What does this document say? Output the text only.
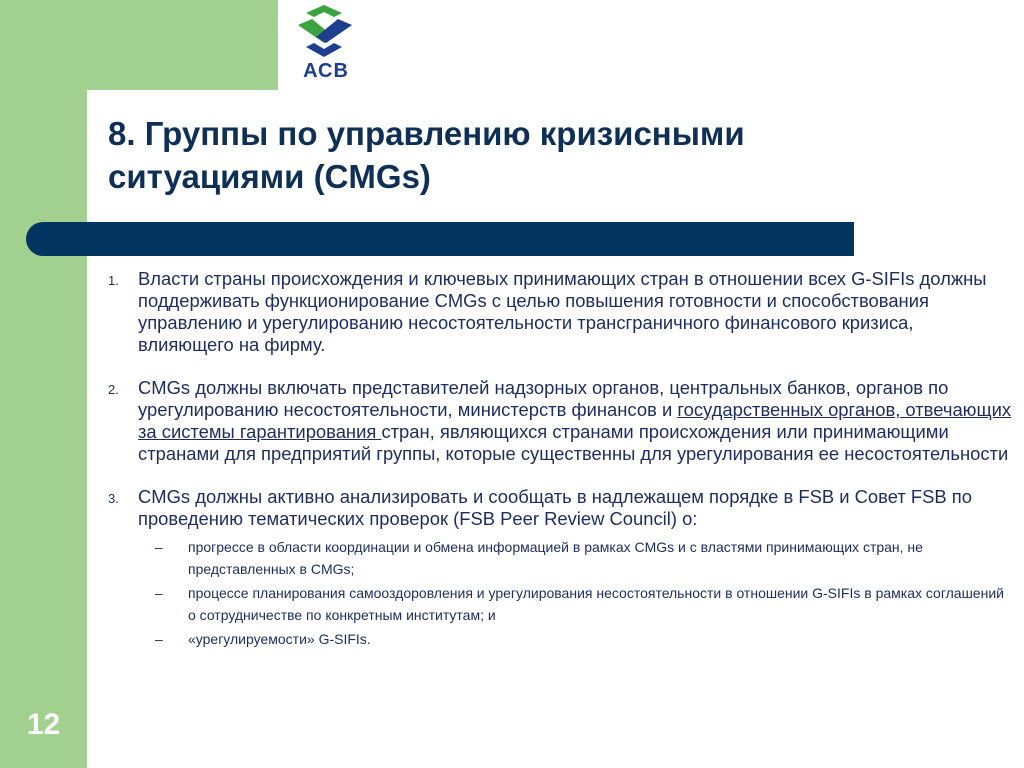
АСВ
8. Группы по управлению кризисными
ситуациями (CMGs)
1. Власти страны происхождения и ключевых принимающих стран в отношении всех G-SIFIs должны поддерживать функционирование CMGs с целью повышения готовности и способствования управлению и урегулированию несостоятельности трансграничного финансового кризиса, влияющего на фирму.
2. CMGs должны включать представителей надзорных органов, центральных банков, органов по урегулированию несостоятельности, министерств финансов и государственных органов, отвечающих за системы гарантирования стран, являющихся странами происхождения или принимающими странами для предприятий группы, которые существенны для урегулирования ее несостоятельности
3. CMGs должны активно анализировать и сообщать в надлежащем порядке в FSB и Совет FSB по проведению тематических проверок (FSB Peer Review Council) о:
– прогрессе в области координации и обмена информацией в рамках CMGs и с властями принимающих стран, не представленных в CMGs;
– процессе планирования самооздоровления и урегулирования несостоятельности в отношении G-SIFIs в рамках соглашений о сотрудничестве по конкретным институтам; и
– «урегулируемости» G-SIFIs.
12
